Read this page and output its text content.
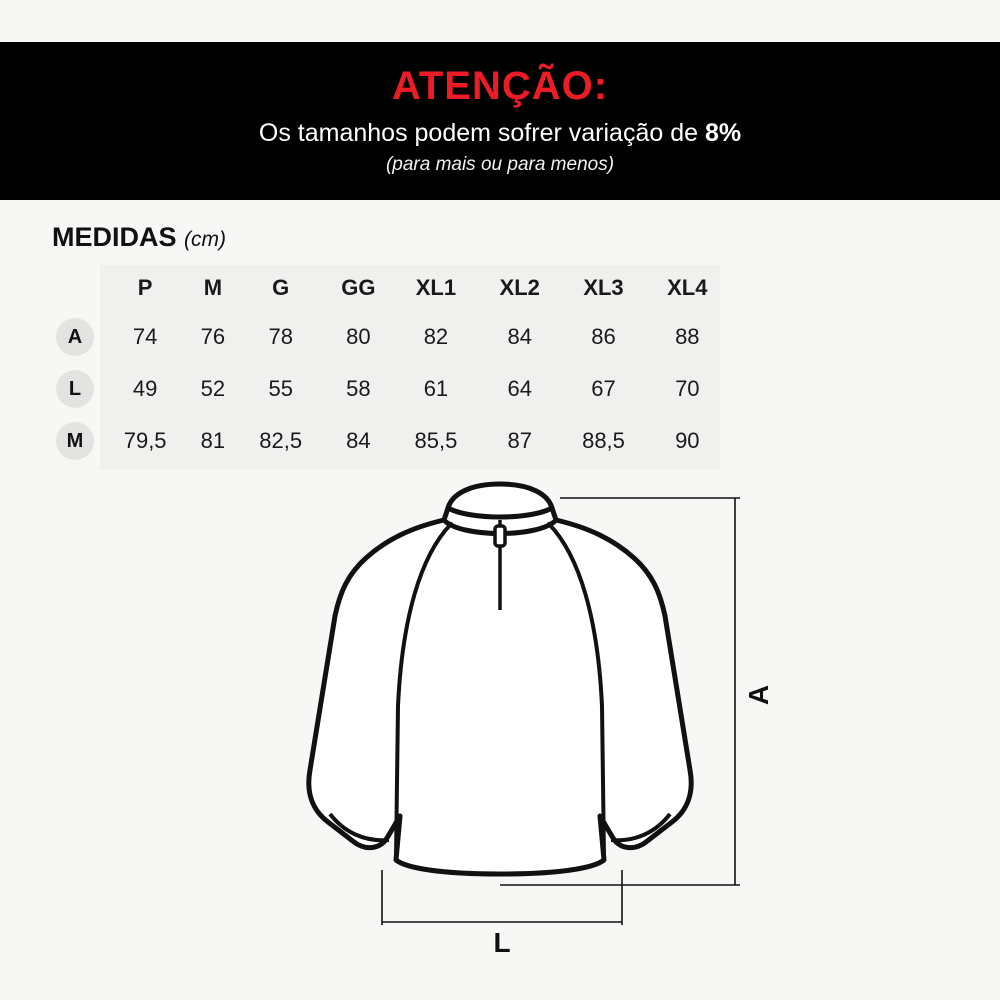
ATENÇÃO:
Os tamanhos podem sofrer variação de 8%
(para mais ou para menos)
MEDIDAS (cm)
	P	M	G	GG	XL1	XL2	XL3	XL4
A	74	76	78	80	82	84	86	88
L	49	52	55	58	61	64	67	70
M	79,5	81	82,5	84	85,5	87	88,5	90
A
L
